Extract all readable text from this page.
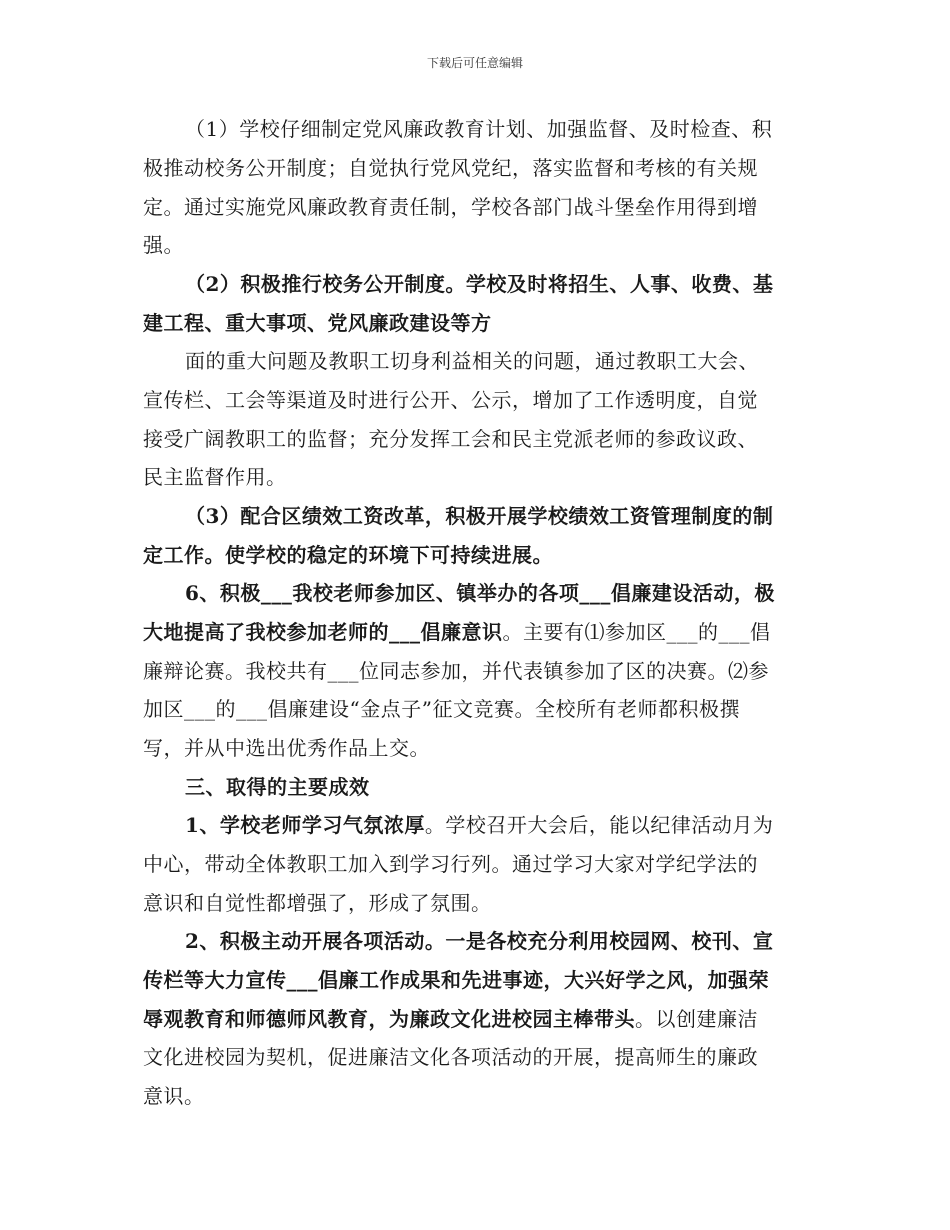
下载后可任意编辑
（1）学校仔细制定党风廉政教育计划、加强监督、及时检查、积
极推动校务公开制度；自觉执行党风党纪，落实监督和考核的有关规
定。通过实施党风廉政教育责任制，学校各部门战斗堡垒作用得到增
强。
（2）积极推行校务公开制度。学校及时将招生、人事、收费、基
建工程、重大事项、党风廉政建设等方
面的重大问题及教职工切身利益相关的问题，通过教职工大会、
宣传栏、工会等渠道及时进行公开、公示，增加了工作透明度，自觉
接受广阔教职工的监督；充分发挥工会和民主党派老师的参政议政、
民主监督作用。
（3）配合区绩效工资改革，积极开展学校绩效工资管理制度的制
定工作。使学校的稳定的环境下可持续进展。
6、积极___我校老师参加区、镇举办的各项___倡廉建设活动，极
大地提高了我校参加老师的___倡廉意识。主要有⑴参加区___的___倡
廉辩论赛。我校共有___位同志参加，并代表镇参加了区的决赛。⑵参
加区___的___倡廉建设“金点子”征文竞赛。全校所有老师都积极撰
写，并从中选出优秀作品上交。
三、取得的主要成效
1、学校老师学习气氛浓厚。学校召开大会后，能以纪律活动月为
中心，带动全体教职工加入到学习行列。通过学习大家对学纪学法的
意识和自觉性都增强了，形成了氛围。
2、积极主动开展各项活动。一是各校充分利用校园网、校刊、宣
传栏等大力宣传___倡廉工作成果和先进事迹，大兴好学之风，加强荣
辱观教育和师德师风教育，为廉政文化进校园主棒带头。以创建廉洁
文化进校园为契机，促进廉洁文化各项活动的开展，提高师生的廉政
意识。
